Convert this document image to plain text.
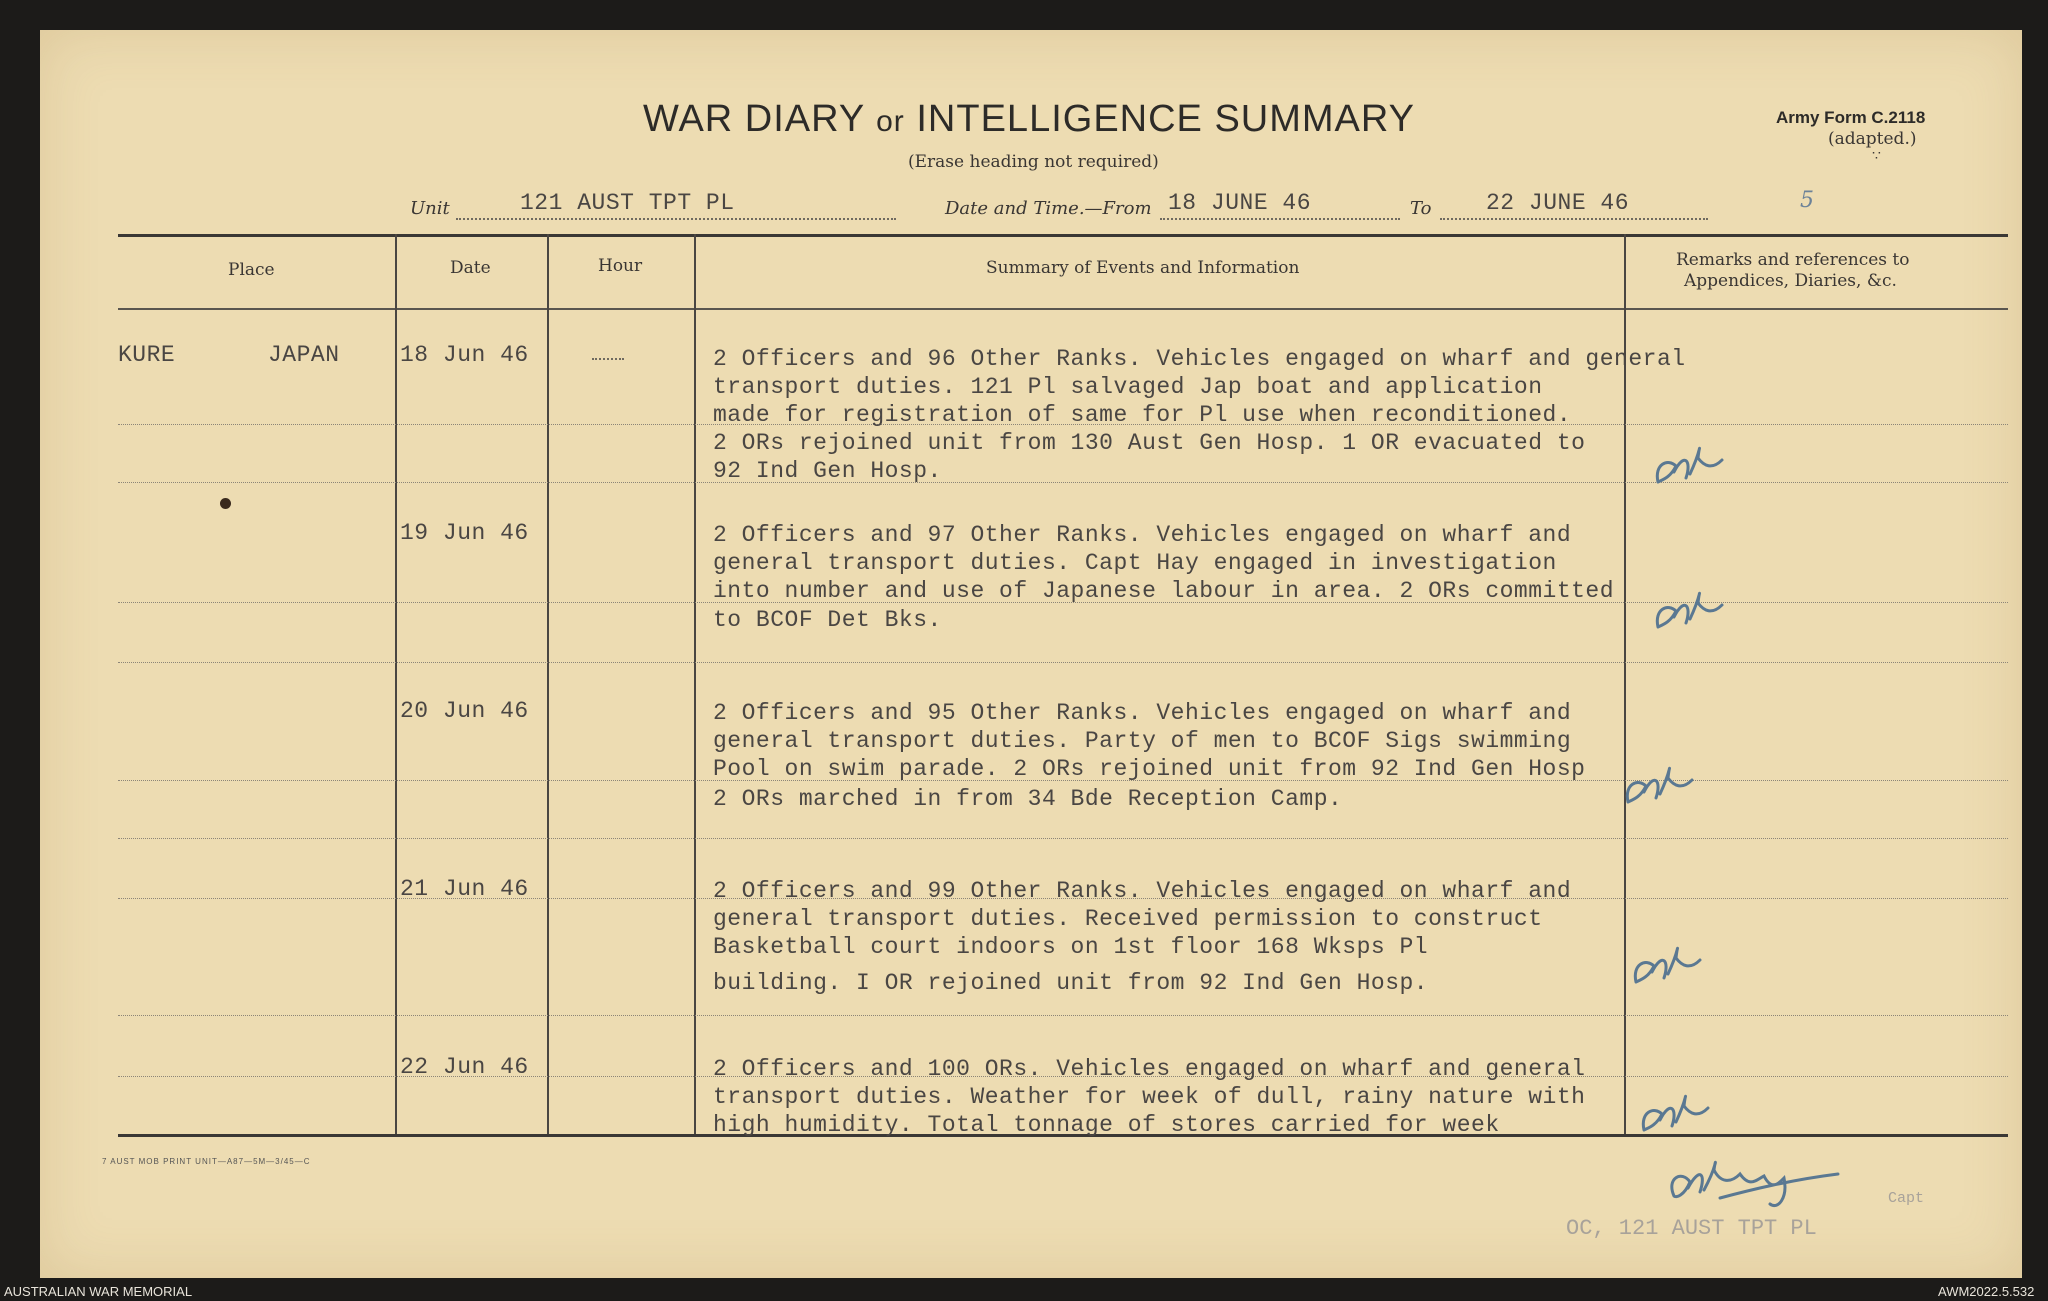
WAR DIARY or INTELLIGENCE SUMMARY
(Erase heading not required)
Army Form C.2118
(adapted.)
∵
5
Unit	121 AUST TPT PL	Date and Time.—From 18 JUNE 46	To 22 JUNE 46
Place	Date	Hour	Summary of Events and Information	Remarks and references to
Appendices, Diaries, &c.
KURE	JAPAN	18 Jun 46	2 Officers and 96 Other Ranks. Vehicles engaged on wharf and general
transport duties. 121 Pl salvaged Jap boat and application
made for registration of same for Pl use when reconditioned.
2 ORs rejoined unit from 130 Aust Gen Hosp. 1 OR evacuated to
92 Ind Gen Hosp.
19 Jun 46	2 Officers and 97 Other Ranks. Vehicles engaged on wharf and
general transport duties. Capt Hay engaged in investigation
into number and use of Japanese labour in area. 2 ORs committed
to BCOF Det Bks.
20 Jun 46	2 Officers and 95 Other Ranks. Vehicles engaged on wharf and
general transport duties. Party of men to BCOF Sigs swimming
Pool on swim parade. 2 ORs rejoined unit from 92 Ind Gen Hosp
2 ORs marched in from 34 Bde Reception Camp.
21 Jun 46	2 Officers and 99 Other Ranks. Vehicles engaged on wharf and
general transport duties. Received permission to construct
Basketball court indoors on 1st floor 168 Wksps Pl
building. I OR rejoined unit from 92 Ind Gen Hosp.
22 Jun 46	2 Officers and 100 ORs. Vehicles engaged on wharf and general
transport duties. Weather for week of dull, rainy nature with
high humidity. Total tonnage of stores carried for week
7 AUST MOB PRINT UNIT—A87—5M—3/45—C
Capt
OC, 121 AUST TPT PL
AUSTRALIAN WAR MEMORIAL	AWM2022.5.532
